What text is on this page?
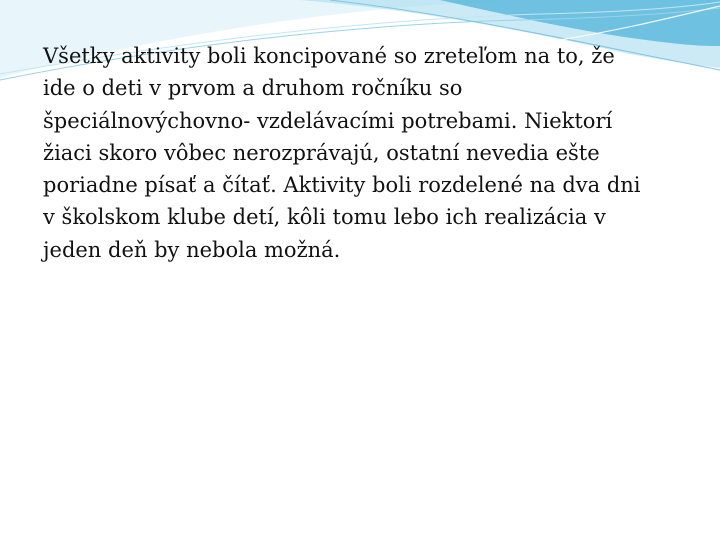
Všetky aktivity boli koncipované so zreteľom na to, že
ide o deti v prvom a druhom ročníku so
špeciálnovýchovno- vzdelávacími potrebami. Niektorí
žiaci skoro vôbec nerozprávajú, ostatní nevedia ešte
poriadne písať a čítať. Aktivity boli rozdelené na dva dni
v školskom klube detí, kôli tomu lebo ich realizácia v
jeden deň by nebola možná.
